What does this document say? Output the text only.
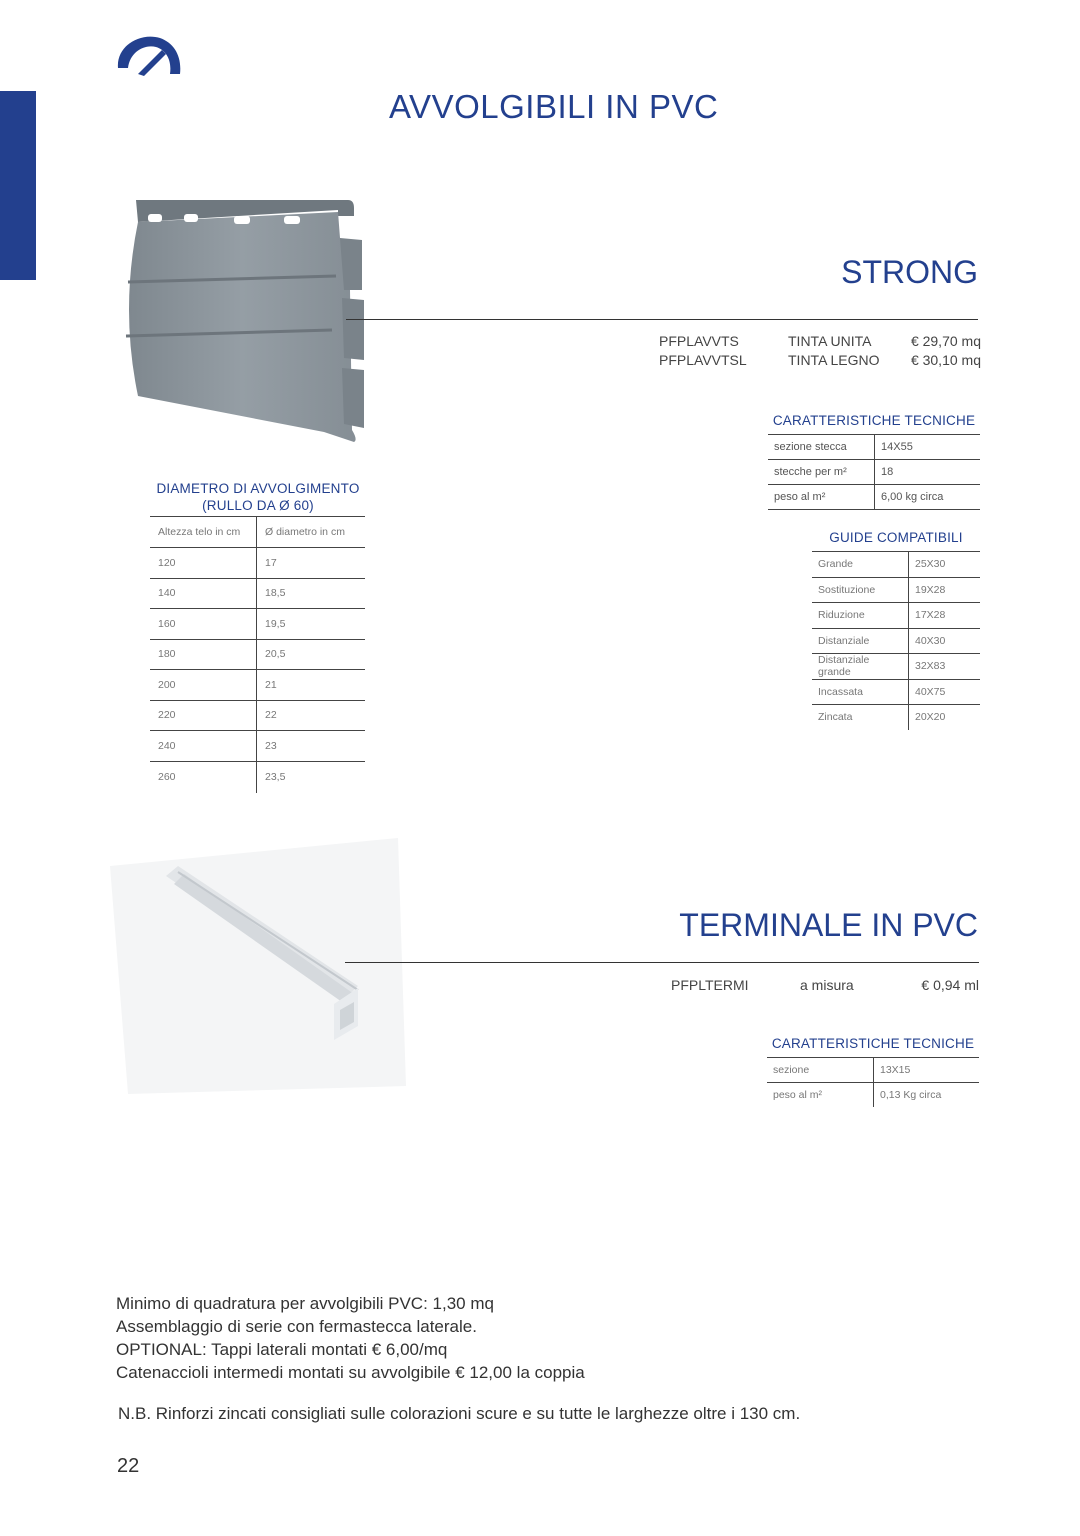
AVVOLGIBILI IN PVC
STRONG
PFPLAVVTS	TINTA UNITA	€ 29,70 mq
PFPLAVVTSL	TINTA LEGNO € 30,10 mq
CARATTERISTICHE TECNICHE
sezione stecca	14X55
stecche per m²	18
peso al m²	6,00 kg circa
GUIDE COMPATIBILI
Grande	25X30
Sostituzione	19X28
Riduzione	17X28
Distanziale	40X30
Distanziale grande	32X83
Incassata	40X75
Zincata	20X20
DIAMETRO DI AVVOLGIMENTO
(RULLO DA Ø 60)
Altezza telo in cm	Ø diametro in cm
120	17
140	18,5
160	19,5
180	20,5
200	21
220	22
240	23
260	23,5
TERMINALE IN PVC
PFPLTERMI	a misura	€ 0,94 ml
CARATTERISTICHE TECNICHE
sezione	13X15
peso al m²	0,13 Kg circa
Minimo di quadratura per avvolgibili PVC: 1,30 mq
Assemblaggio di serie con fermastecca laterale.
OPTIONAL: Tappi laterali montati € 6,00/mq
Catenaccioli intermedi montati su avvolgibile € 12,00 la coppia
N.B. Rinforzi zincati consigliati sulle colorazioni scure e su tutte le larghezze oltre i 130 cm.
22
